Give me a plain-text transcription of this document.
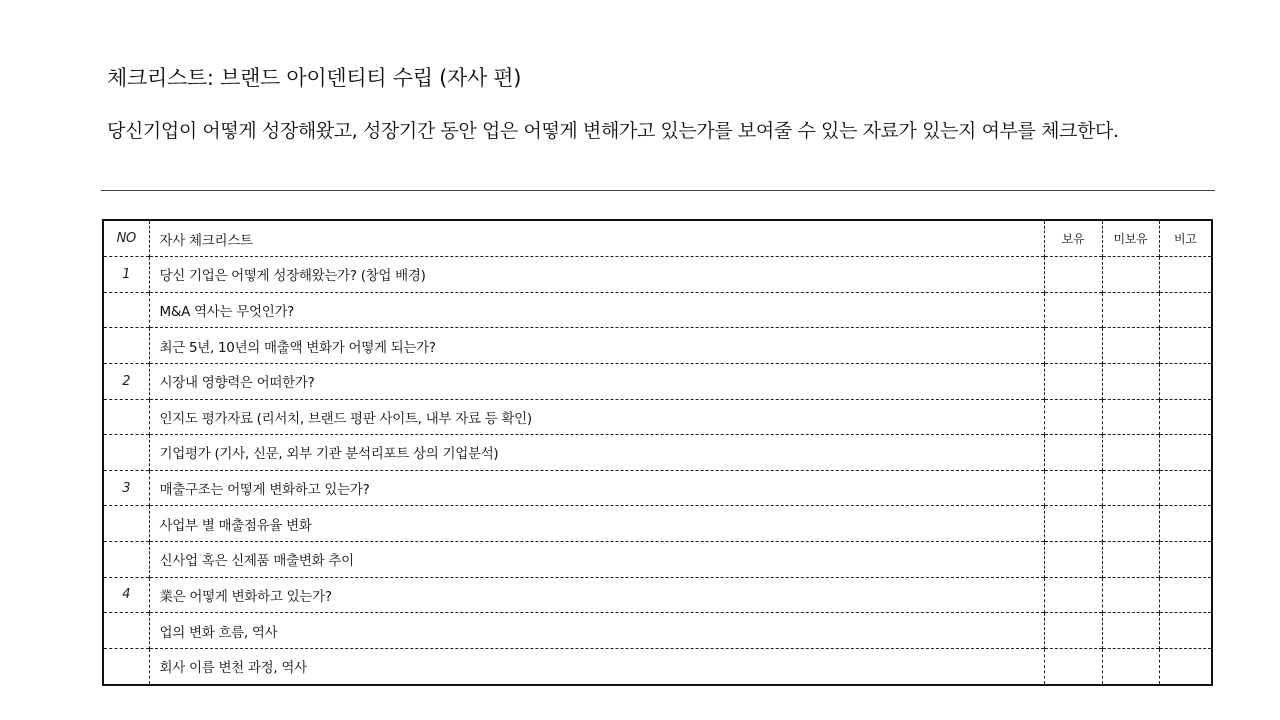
체크리스트: 브랜드 아이덴티티 수립 (자사 편)
당신기업이 어떻게 성장해왔고, 성장기간 동안 업은 어떻게 변해가고 있는가를 보여줄 수 있는 자료가 있는지 여부를 체크한다.
NO	자사 체크리스트	보유	미보유	비고
1	당신 기업은 어떻게 성장해왔는가? (창업 배경)			
	M&A 역사는 무엇인가?			
	최근 5년, 10년의 매출액 변화가 어떻게 되는가?			
2	시장내 영향력은 어떠한가?			
	인지도 평가자료 (리서치, 브랜드 평판 사이트, 내부 자료 등 확인)			
	기업평가 (기사, 신문, 외부 기관 분석리포트 상의 기업분석)			
3	매출구조는 어떻게 변화하고 있는가?			
	사업부 별 매출점유율 변화			
	신사업 혹은 신제품 매출변화 추이			
4	業은 어떻게 변화하고 있는가?			
	업의 변화 흐름, 역사			
	회사 이름 변천 과정, 역사			
